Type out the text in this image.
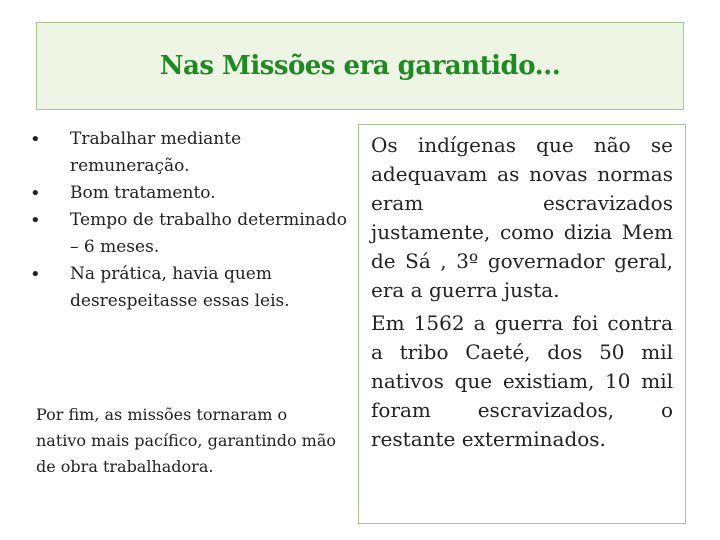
Nas Missões era garantido...
• Trabalhar mediante remuneração.
• Bom tratamento.
• Tempo de trabalho determinado – 6 meses.
• Na prática, havia quem desrespeitasse essas leis.
Por fim, as missões tornaram o nativo mais pacífico, garantindo mão de obra trabalhadora.

Os indígenas que não se adequavam as novas normas eram escravizados justamente, como dizia Mem de Sá , 3º governador geral, era a guerra justa.

Em 1562 a guerra foi contra a tribo Caeté, dos 50 mil nativos que existiam, 10 mil foram escravizados, o restante exterminados.
